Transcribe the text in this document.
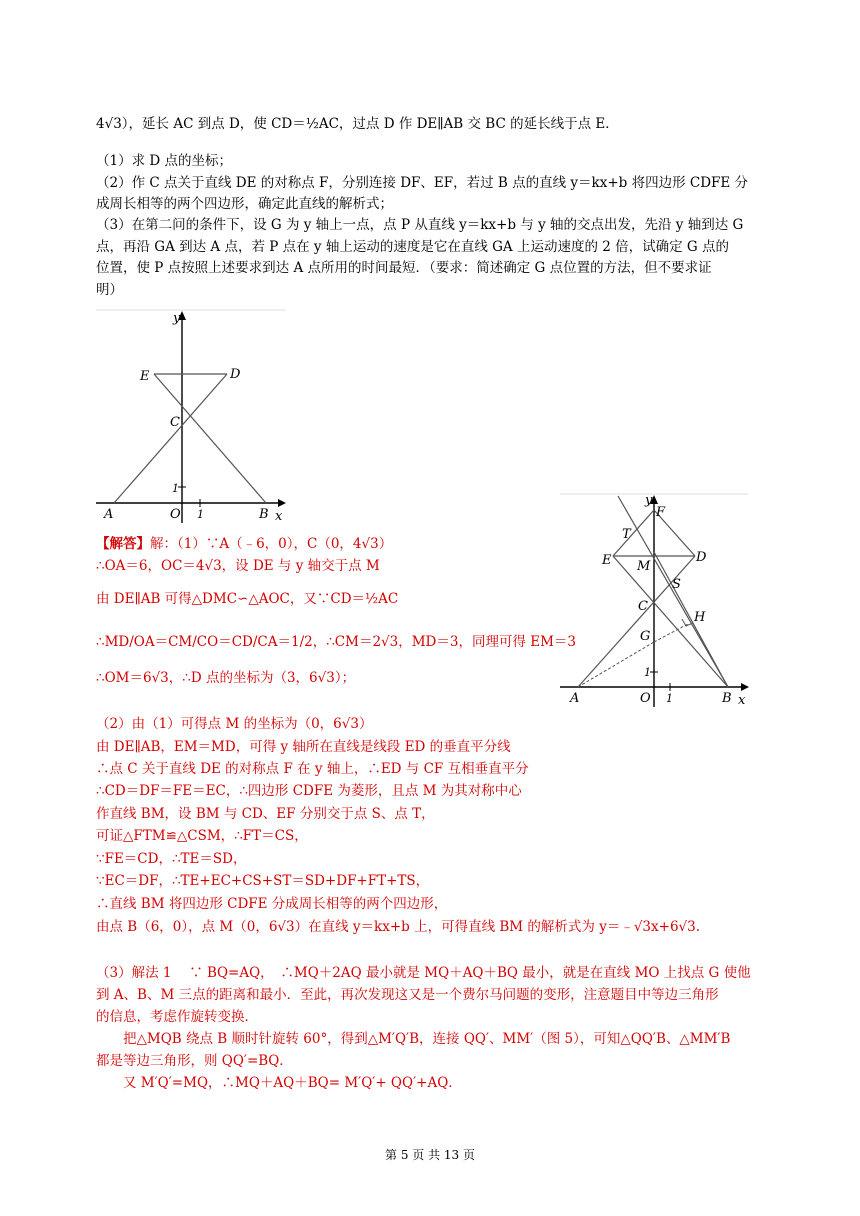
4√3），延长 AC 到点 D，使 CD＝½AC，过点 D 作 DE∥AB 交 BC 的延长线于点 E．
（1）求 D 点的坐标；
（2）作 C 点关于直线 DE 的对称点 F，分别连接 DF、EF，若过 B 点的直线 y＝kx+b 将四边形 CDFE 分
成周长相等的两个四边形，确定此直线的解析式；
（3）在第二问的条件下，设 G 为 y 轴上一点，点 P 从直线 y＝kx+b 与 y 轴的交点出发，先沿 y 轴到达 G
点，再沿 GA 到达 A 点，若 P 点在 y 轴上运动的速度是它在直线 GA 上运动速度的 2 倍，试确定 G 点的
位置，使 P 点按照上述要求到达 A 点所用的时间最短．（要求：简述确定 G 点位置的方法，但不要求证
明）
y
E	D
C
1
A	O 1	B x
y
F
T
E M
D
S
C
H
G
1
A	O 1	B x
【解答】解：（1）∵A（﹣6，0），C（0，4√3）
∴OA＝6，OC＝4√3，设 DE 与 y 轴交于点 M
由 DE∥AB 可得△DMC∽△AOC，又∵CD＝½AC
∴MD/OA＝CM/CO＝CD/CA＝1/2，∴CM＝2√3，MD＝3，同理可得 EM＝3
∴OM＝6√3，∴D 点的坐标为（3，6√3）；
（2）由（1）可得点 M 的坐标为（0，6√3）
由 DE∥AB，EM＝MD，可得 y 轴所在直线是线段 ED 的垂直平分线
∴点 C 关于直线 DE 的对称点 F 在 y 轴上，∴ED 与 CF 互相垂直平分
∴CD＝DF＝FE＝EC，∴四边形 CDFE 为菱形，且点 M 为其对称中心
作直线 BM，设 BM 与 CD、EF 分别交于点 S、点 T，
可证△FTM≌△CSM，∴FT＝CS，
∵FE＝CD，∴TE＝SD，
∵EC＝DF，∴TE+EC+CS+ST＝SD+DF+FT+TS，
∴直线 BM 将四边形 CDFE 分成周长相等的两个四边形，
由点 B（6，0），点 M（0，6√3）在直线 y＝kx+b 上，可得直线 BM 的解析式为 y＝﹣√3x+6√3.
（3）解法 1　 ∵ BQ=AQ，　∴MQ＋2AQ 最小就是 MQ＋AQ＋BQ 最小，就是在直线 MO 上找点 G 使他
到 A、B、M 三点的距离和最小．至此，再次发现这又是一个费尔马问题的变形，注意题目中等边三角形
的信息，考虑作旋转变换．
　　把△MQB 绕点 B 顺时针旋转 60°，得到△M′Q′B，连接 QQ′、MM′（图 5），可知△QQ′B、△MM′B
都是等边三角形，则 QQ′=BQ．
　　又 M′Q′=MQ，∴MQ＋AQ＋BQ= M′Q′+ QQ′+AQ．
第 5 页 共 13 页
